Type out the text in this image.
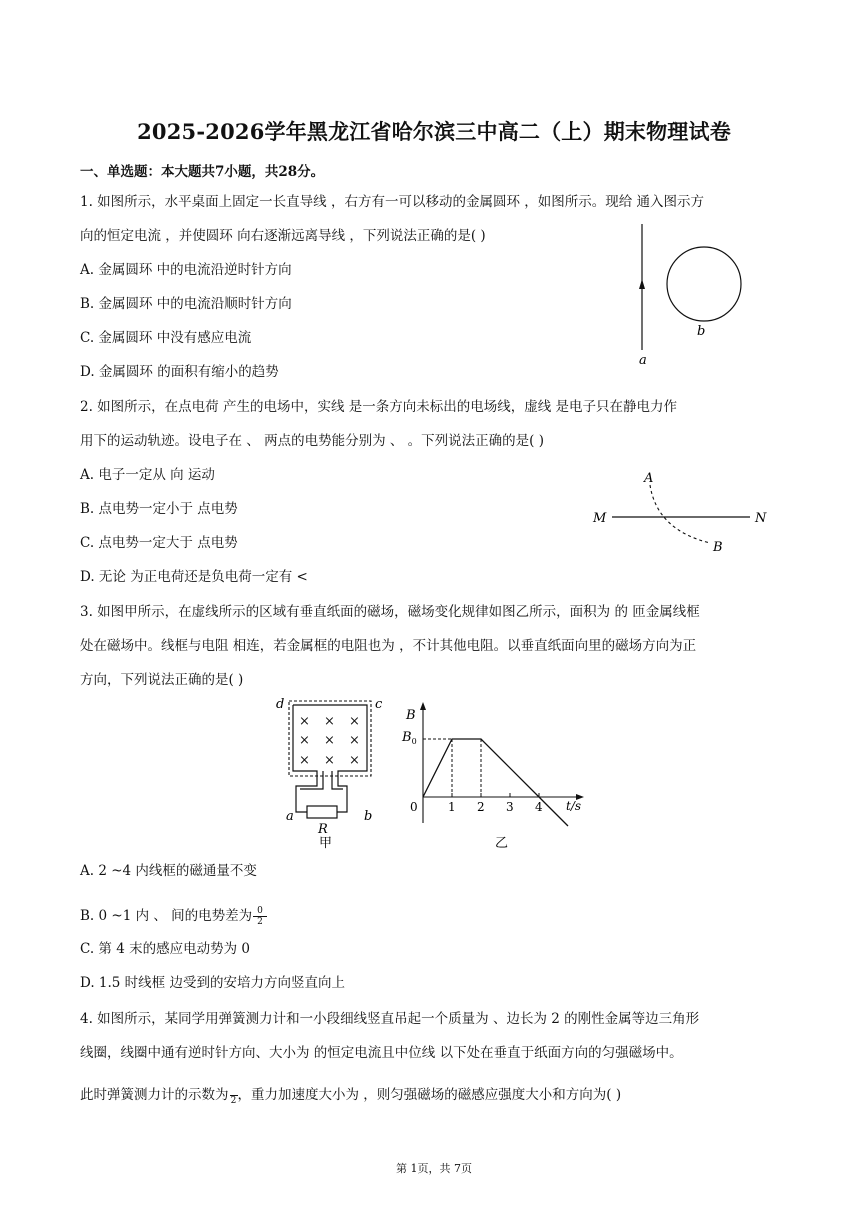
2025-2026学年黑龙江省哈尔滨三中高二（上）期末物理试卷
一、单选题：本大题共7小题，共28分。
1. 如图所示，水平桌面上固定一长直导线 ，右方有一可以移动的金属圆环 ，如图所示。现给 通入图示方
向的恒定电流 ，并使圆环 向右逐渐远离导线 ，下列说法正确的是( )
A. 金属圆环 中的电流沿逆时针方向
B. 金属圆环 中的电流沿顺时针方向
C. 金属圆环 中没有感应电流
D. 金属圆环 的面积有缩小的趋势
a
b
2. 如图所示，在点电荷 产生的电场中，实线 是一条方向未标出的电场线，虚线 是电子只在静电力作
用下的运动轨迹。设电子在 、 两点的电势能分别为 、 。下列说法正确的是( )
A. 电子一定从 向 运动
B. 点电势一定小于 点电势
C. 点电势一定大于 点电势
D. 无论 为正电荷还是负电荷一定有 <
A
B
M	N
3. 如图甲所示，在虚线所示的区域有垂直纸面的磁场，磁场变化规律如图乙所示，面积为 的 匝金属线框
处在磁场中。线框与电阻 相连，若金属框的电阻也为 ，不计其他电阻。以垂直纸面向里的磁场方向为正
方向，下列说法正确的是( )
× × ×
× × ×
× × ×
d	c
a	b
R
甲
1 2 3 4
B
$B_0$
0	t/s
乙
A. 2 ~4 内线框的磁通量不变
B. 0 ~1 内 、 间的电势差为 $\frac{0}{2}$
C. 第 4 末的感应电动势为 0
D. 1.5 时线框 边受到的安培力方向竖直向上
4. 如图所示，某同学用弹簧测力计和一小段细线竖直吊起一个质量为 、边长为 2 的刚性金属等边三角形
线圈，线圈中通有逆时针方向、大小为 的恒定电流且中位线 以下处在垂直于纸面方向的匀强磁场中。
此时弹簧测力计的示数为 2 ，重力加速度大小为 ，则匀强磁场的磁感应强度大小和方向为( )
第 1页，共 7页
